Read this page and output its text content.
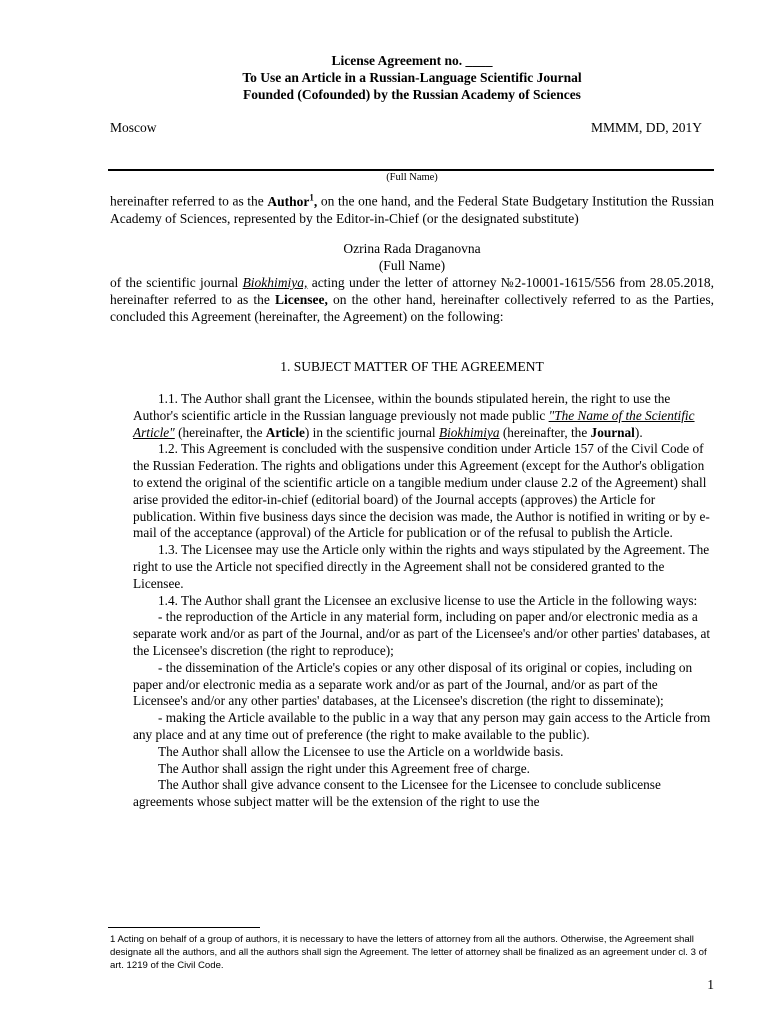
License Agreement no. ____
To Use an Article in a Russian-Language Scientific Journal
Founded (Cofounded) by the Russian Academy of Sciences
Moscow	MMMM, DD, 201Y
(Full Name)
hereinafter referred to as the Author$^1$, on the one hand, and the Federal State Budgetary Institution the Russian Academy of Sciences, represented by the Editor-in-Chief (or the designated substitute)
Ozrina Rada Draganovna
(Full Name)
of the scientific journal Biokhimiya, acting under the letter of attorney №2-10001-1615/556 from 28.05.2018, hereinafter referred to as the Licensee, on the other hand, hereinafter collectively referred to as the Parties, concluded this Agreement (hereinafter, the Agreement) on the following:
1. SUBJECT MATTER OF THE AGREEMENT

1.1. The Author shall grant the Licensee, within the bounds stipulated herein, the right to use the Author's scientific article in the Russian language previously not made public "The Name of the Scientific Article" (hereinafter, the Article) in the scientific journal Biokhimiya (hereinafter, the Journal).

1.2. This Agreement is concluded with the suspensive condition under Article 157 of the Civil Code of the Russian Federation. The rights and obligations under this Agreement (except for the Author's obligation to extend the original of the scientific article on a tangible medium under clause 2.2 of the Agreement) shall arise provided the editor-in-chief (editorial board) of the Journal accepts (approves) the Article for publication. Within five business days since the decision was made, the Author is notified in writing or by e-mail of the acceptance (approval) of the Article for publication or of the refusal to publish the Article.

1.3. The Licensee may use the Article only within the rights and ways stipulated by the Agreement. The right to use the Article not specified directly in the Agreement shall not be considered granted to the Licensee.

1.4. The Author shall grant the Licensee an exclusive license to use the Article in the following ways:

- the reproduction of the Article in any material form, including on paper and/or electronic media as a separate work and/or as part of the Journal, and/or as part of the Licensee's and/or other parties' databases, at the Licensee's discretion (the right to reproduce);

- the dissemination of the Article's copies or any other disposal of its original or copies, including on paper and/or electronic media as a separate work and/or as part of the Journal, and/or as part of the Licensee's and/or any other parties' databases, at the Licensee's discretion (the right to disseminate);

- making the Article available to the public in a way that any person may gain access to the Article from any place and at any time out of preference (the right to make available to the public).

The Author shall allow the Licensee to use the Article on a worldwide basis.

The Author shall assign the right under this Agreement free of charge.

The Author shall give advance consent to the Licensee for the Licensee to conclude sublicense agreements whose subject matter will be the extension of the right to use the

1 Acting on behalf of a group of authors, it is necessary to have the letters of attorney from all the authors. Otherwise, the Agreement shall designate all the authors, and all the authors shall sign the Agreement. The letter of attorney shall be finalized as an agreement under cl. 3 of art. 1219 of the Civil Code.
1
